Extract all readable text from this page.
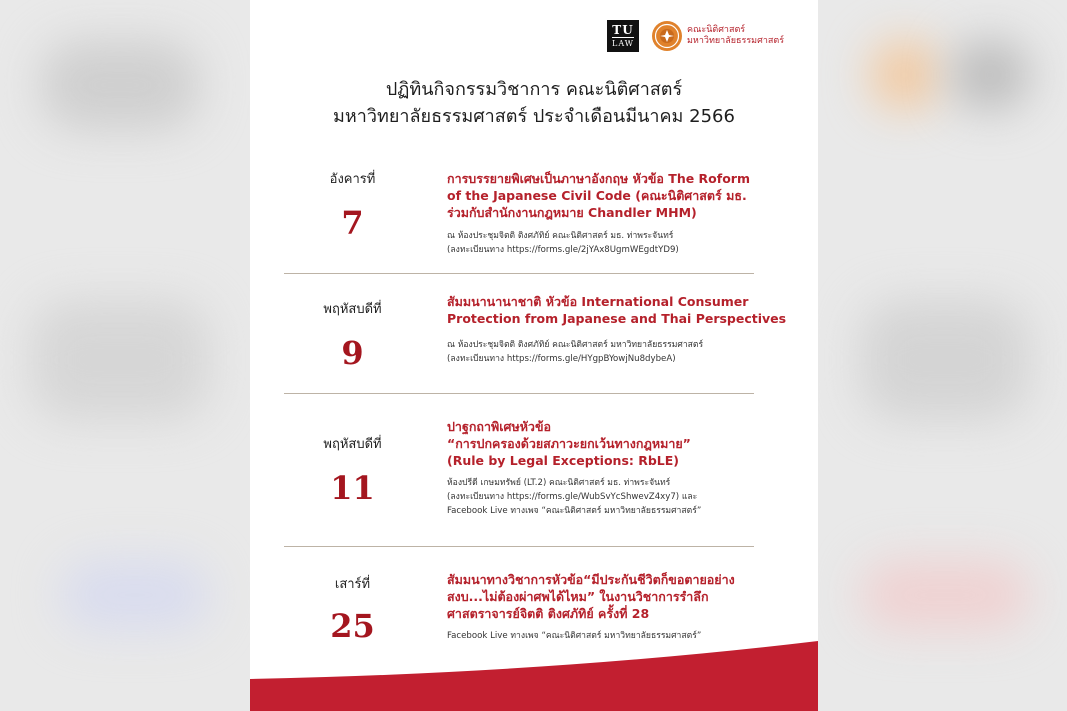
TU
LAW
คณะนิติศาสตร์
มหาวิทยาลัยธรรมศาสตร์
ปฏิทินกิจกรรมวิชาการ คณะนิติศาสตร์
มหาวิทยาลัยธรรมศาสตร์ ประจำเดือนมีนาคม 2566
อังคารที่
7
การบรรยายพิเศษเป็นภาษาอังกฤษ หัวข้อ The Roform
of the Japanese Civil Code (คณะนิติศาสตร์ มธ.
ร่วมกับสำนักงานกฎหมาย Chandler MHM)
ณ ห้องประชุมจิตติ ติงศภัทิย์ คณะนิติศาสตร์ มธ. ท่าพระจันทร์
(ลงทะเบียนทาง https://forms.gle/2jYAx8UgmWEgdtYD9)
พฤหัสบดีที่
9
สัมมนานานาชาติ หัวข้อ International Consumer
Protection from Japanese and Thai Perspectives
ณ ห้องประชุมจิตติ ติงศภัทิย์ คณะนิติศาสตร์ มหาวิทยาลัยธรรมศาสตร์
(ลงทะเบียนทาง https://forms.gle/HYgpBYowjNu8dybeA)
พฤหัสบดีที่
11
ปาฐกถาพิเศษหัวข้อ
“การปกครองด้วยสภาวะยกเว้นทางกฎหมาย”
(Rule by Legal Exceptions: RbLE)
ห้องปรีดี เกษมทรัพย์ (LT.2) คณะนิติศาสตร์ มธ. ท่าพระจันทร์
(ลงทะเบียนทาง https://forms.gle/WubSvYcShwevZ4xy7) และ
Facebook Live ทางเพจ “คณะนิติศาสตร์ มหาวิทยาลัยธรรมศาสตร์”
เสาร์ที่
25
สัมมนาทางวิชาการหัวข้อ“มีประกันชีวิตก็ขอตายอย่าง
สงบ...ไม่ต้องผ่าศพได้ไหม” ในงานวิชาการรำลึก
ศาสตราจารย์จิตติ ติงศภัทิย์ ครั้งที่ 28
Facebook Live ทางเพจ “คณะนิติศาสตร์ มหาวิทยาลัยธรรมศาสตร์”
